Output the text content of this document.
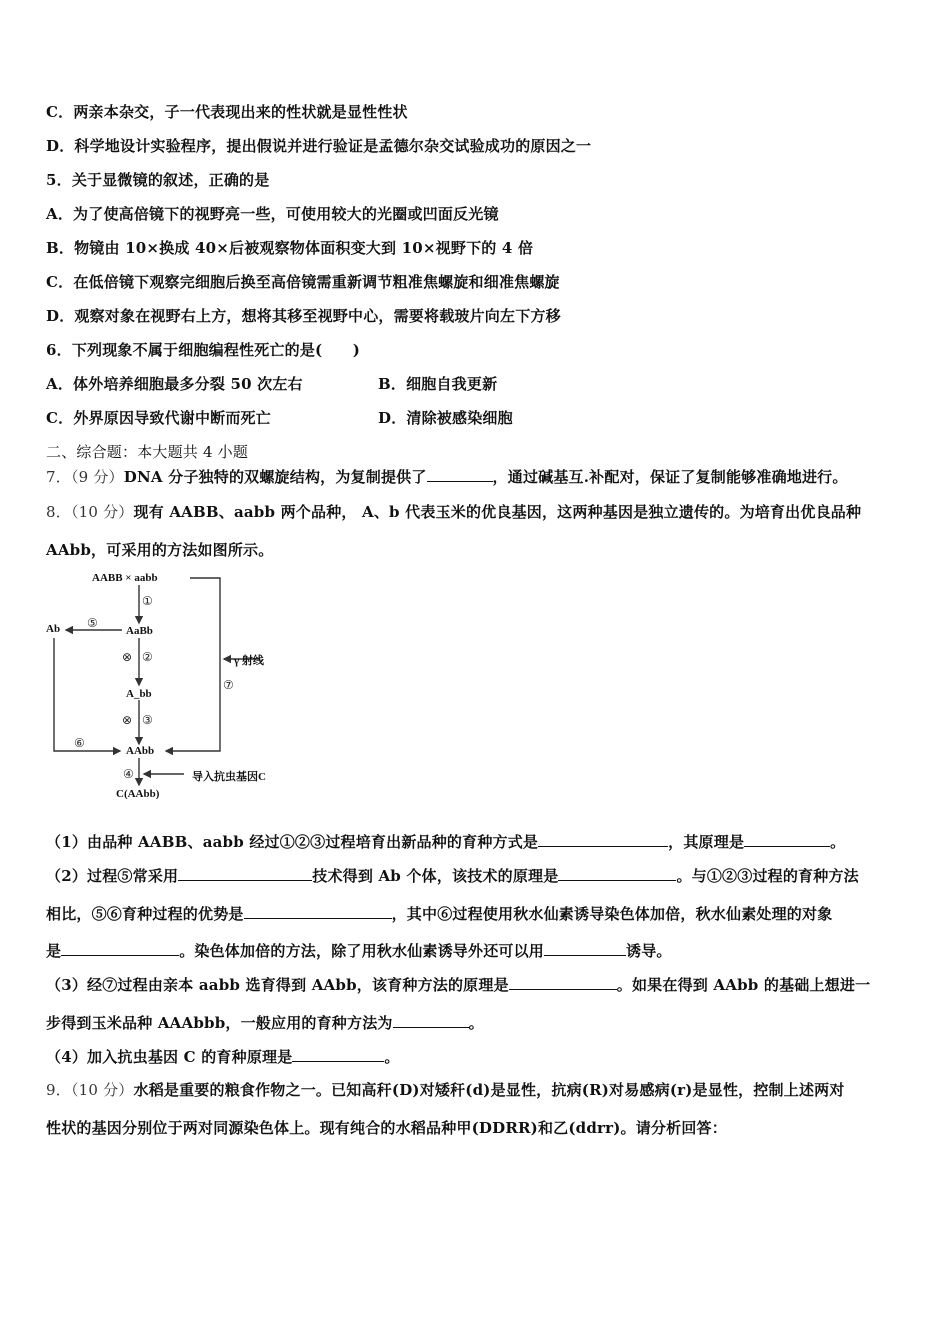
C．两亲本杂交，子一代表现出来的性状就是显性性状
D．科学地设计实验程序，提出假说并进行验证是孟德尔杂交试验成功的原因之一
5．关于显微镜的叙述，正确的是
A．为了使高倍镜下的视野亮一些，可使用较大的光圈或凹面反光镜
B．物镜由 10×换成 40×后被观察物体面积变大到 10×视野下的 4 倍
C．在低倍镜下观察完细胞后换至高倍镜需重新调节粗准焦螺旋和细准焦螺旋
D．观察对象在视野右上方，想将其移至视野中心，需要将载玻片向左下方移
6．下列现象不属于细胞编程性死亡的是(　　)
A．体外培养细胞最多分裂 50 次左右	B．细胞自我更新
C．外界原因导致代谢中断而死亡	D．清除被感染细胞
二、综合题：本大题共 4 小题
7．（9 分）DNA 分子独特的双螺旋结构，为复制提供了	，通过碱基互.补配对，保证了复制能够准确地进行。
8．（10 分）现有 AABB、aabb 两个品种， A、b 代表玉米的优良基因，这两种基因是独立遗传的。为培育出优良品种
AAbb，可采用的方法如图所示。
AABB × aabb
①
Ab ⑤
AaBb
⊗ ②	γ 射线
⑦
A_bb
⊗ ③
⑥
AAbb
④	导入抗虫基因C
C(AAbb)
（1）由品种 AABB、aabb 经过①②③过程培育出新品种的育种方式是	，其原理是	。
（2）过程⑤常采用	技术得到 Ab 个体，该技术的原理是	。与①②③过程的育种方法
相比，⑤⑥育种过程的优势是	，其中⑥过程使用秋水仙素诱导染色体加倍，秋水仙素处理的对象
是	。染色体加倍的方法，除了用秋水仙素诱导外还可以用	诱导。
（3）经⑦过程由亲本 aabb 选育得到 AAbb，该育种方法的原理是	。如果在得到 AAbb 的基础上想进一
步得到玉米品种 AAAbbb，一般应用的育种方法为	。
（4）加入抗虫基因 C 的育种原理是	。
9．（10 分）水稻是重要的粮食作物之一。已知高秆(D)对矮秆(d)是显性，抗病(R)对易感病(r)是显性，控制上述两对
性状的基因分别位于两对同源染色体上。现有纯合的水稻品种甲(DDRR)和乙(ddrr)。请分析回答：
